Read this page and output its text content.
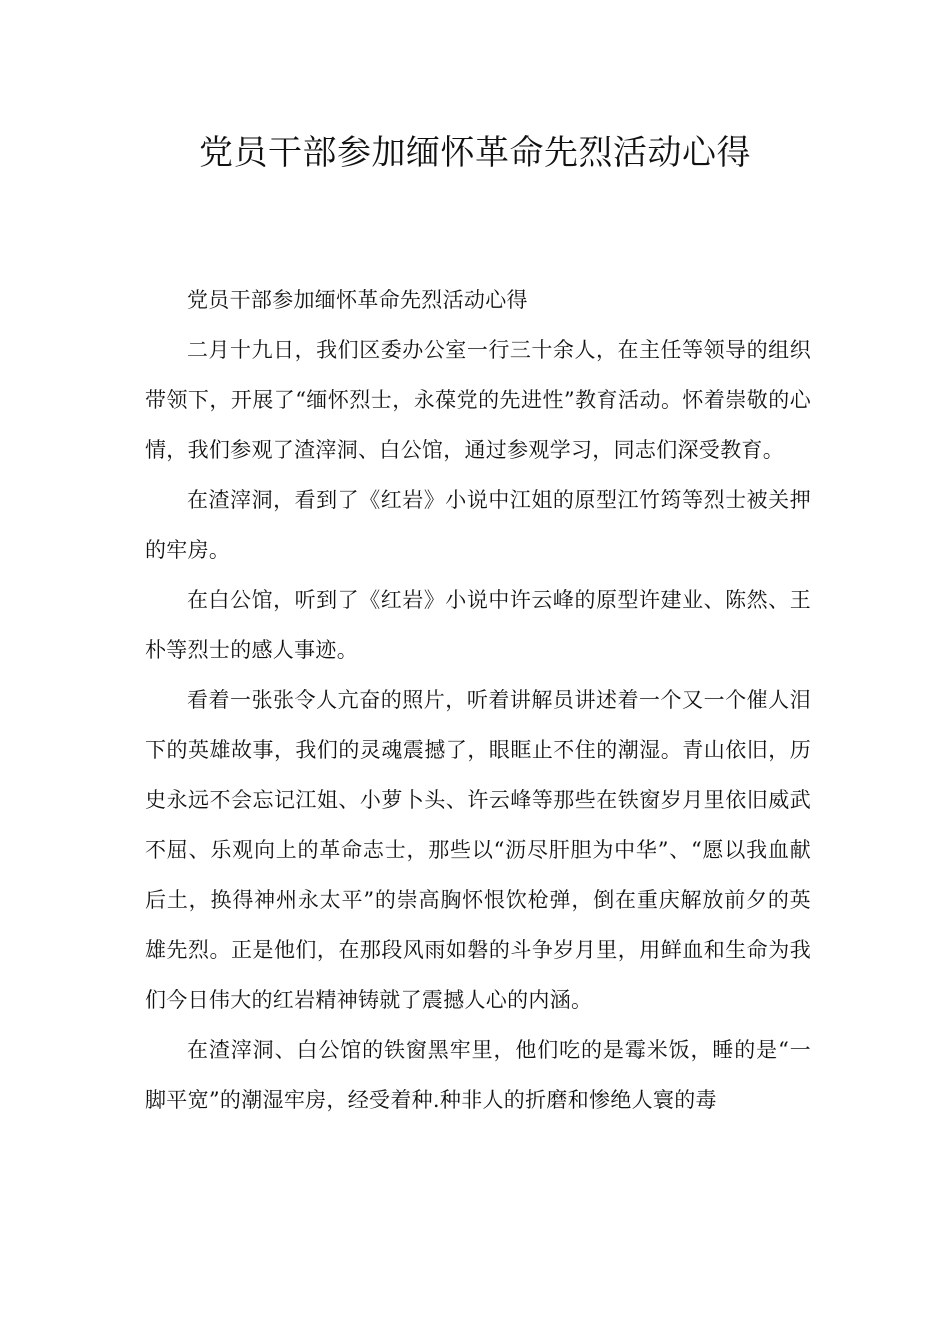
党员干部参加缅怀革命先烈活动心得

党员干部参加缅怀革命先烈活动心得

二月十九日，我们区委办公室一行三十余人，在主任等领导的组织带领下，开展了“缅怀烈士，永葆党的先进性”教育活动。怀着崇敬的心情，我们参观了渣滓洞、白公馆，通过参观学习，同志们深受教育。

在渣滓洞，看到了《红岩》小说中江姐的原型江竹筠等烈士被关押的牢房。

在白公馆，听到了《红岩》小说中许云峰的原型许建业、陈然、王朴等烈士的感人事迹。

看着一张张令人亢奋的照片，听着讲解员讲述着一个又一个催人泪下的英雄故事，我们的灵魂震撼了，眼眶止不住的潮湿。青山依旧，历史永远不会忘记江姐、小萝卜头、许云峰等那些在铁窗岁月里依旧威武不屈、乐观向上的革命志士，那些以“沥尽肝胆为中华”、“愿以我血献后土，换得神州永太平”的崇高胸怀恨饮枪弹，倒在重庆解放前夕的英雄先烈。正是他们，在那段风雨如磐的斗争岁月里，用鲜血和生命为我们今日伟大的红岩精神铸就了震撼人心的内涵。

在渣滓洞、白公馆的铁窗黑牢里，他们吃的是霉米饭，睡的是“一脚平宽”的潮湿牢房，经受着种.种非人的折磨和惨绝人寰的毒
